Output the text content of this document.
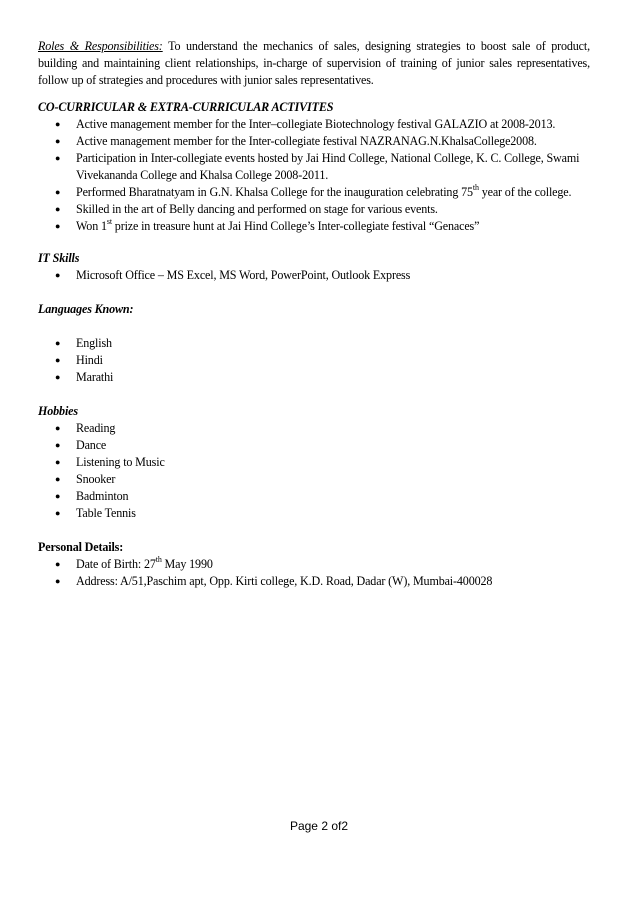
Roles & Responsibilities: To understand the mechanics of sales, designing strategies to boost sale of product, building and maintaining client relationships, in-charge of supervision of training of junior sales representatives, follow up of strategies and procedures with junior sales representatives.

CO-CURRICULAR & EXTRA-CURRICULAR ACTIVITES

● Active management member for the Inter–collegiate Biotechnology festival GALAZIO at 2008-2013.
● Active management member for the Inter-collegiate festival NAZRANAG.N.KhalsaCollege2008.
● Participation in Inter-collegiate events hosted by Jai Hind College, National College, K. C. College, Swami Vivekananda College and Khalsa College 2008-2011.
● Performed Bharatnatyam in G.N. Khalsa College for the inauguration celebrating 75th year of the college.
● Skilled in the art of Belly dancing and performed on stage for various events.
● Won 1st prize in treasure hunt at Jai Hind College’s Inter-collegiate festival “Genaces”

IT Skills

● Microsoft Office – MS Excel, MS Word, PowerPoint, Outlook Express

Languages Known:

● English
● Hindi
● Marathi

Hobbies

● Reading
● Dance
● Listening to Music
● Snooker
● Badminton
● Table Tennis

Personal Details:

● Date of Birth: 27th May 1990
● Address: A/51,Paschim apt, Opp. Kirti college, K.D. Road, Dadar (W), Mumbai-400028
Page 2 of2
